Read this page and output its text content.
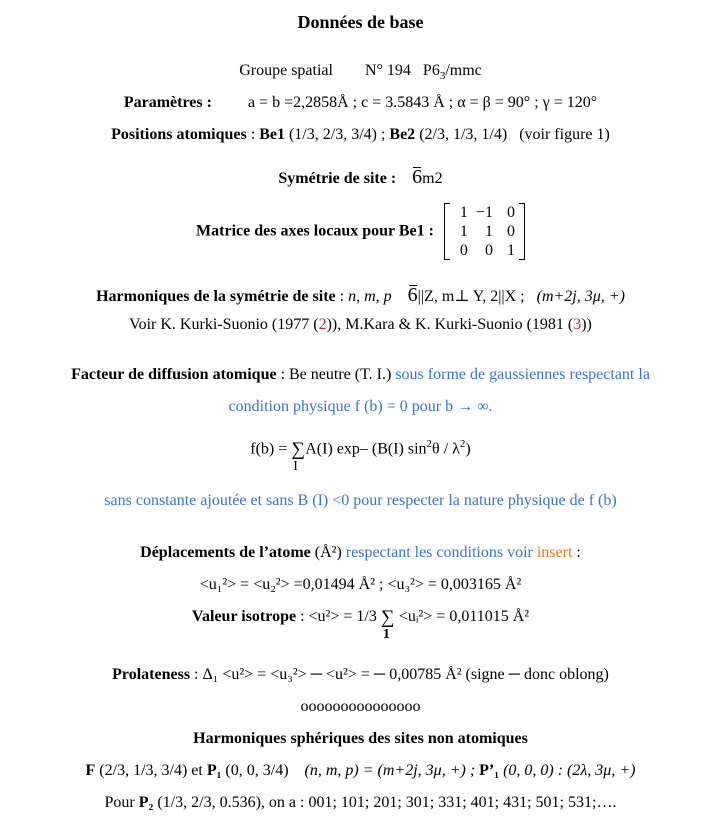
Données de base
Groupe spatial N° 194 $P6_3$/mmc
Paramètres : a = b =2,2858Å ; c = 3.5843 Å ; α = β = 90° ; γ = 120°
Positions atomiques : Be1 (1/3, 2/3, 3/4) ; Be2 (2/3, 1/3, 1/4) (voir figure 1)
Symétrie de site : 6m2
Matrice des axes locaux pour Be1 :
1	−1	0
1	1	0
0	0	1
Harmoniques de la symétrie de site : n, m, p 6||Z, m⊥ Y, 2||X ; (m+2j, 3μ, +)
Voir K. Kurki-Suonio (1977 (2)), M.Kara & K. Kurki-Suonio (1981 (3))
Facteur de diffusion atomique : Be neutre (T. I.) sous forme de gaussiennes respectant la
condition physique f (b) = 0 pour b → ∞.
f(b) = ∑
I
A(I) exp– (B(I) $\sin^2\theta / \lambda^2$)
sans constante ajoutée et sans B (I) <0 pour respecter la nature physique de f (b)
Déplacements de l’atome (Å²) respectant les conditions voir insert :
<u₁²> = <u₂²> =0,01494 Å² ; <u₃²> = 0,003165 Å²
Valeur isotrope : <u²> = 1/3 ∑
1
<uᵢ²> = 0,011015 Å²
Prolateness : Δ₁ <u²> = <u₃²> ─ <u²> = ─ 0,00785 Å² (signe ─ donc oblong)
ooooooooooooooo
Harmoniques sphériques des sites non atomiques
F (2/3, 1/3, 3/4) et P₁ (0, 0, 3/4) (n, m, p) = (m+2j, 3μ, +) ; P’₁ (0, 0, 0) : (2λ, 3μ, +)
Pour P₂ (1/3, 2/3, 0.536), on a : 001; 101; 201; 301; 331; 401; 431; 501; 531;….
